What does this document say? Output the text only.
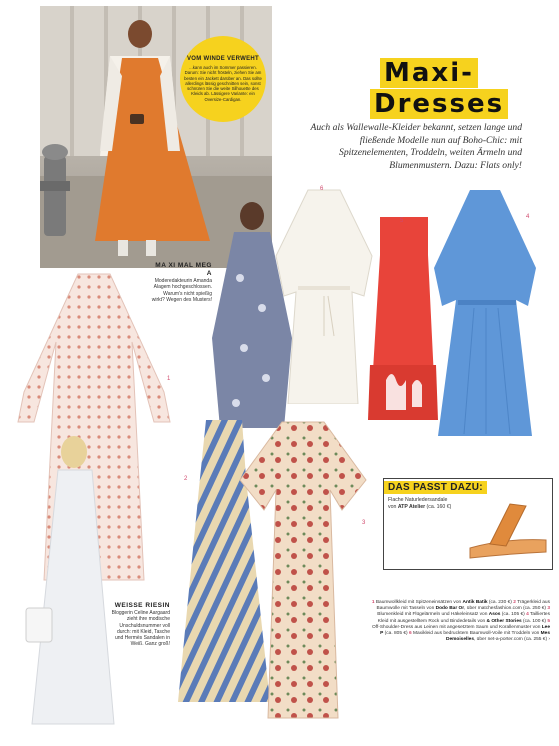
VOM WINDE VERWEHT
...kann auch im Sommer passieren. Darum: Sie nicht frösteln, ziehen Sie am besten ein Jackett darüber an. Das sollte allerdings lässig geschnitten sein, sonst schnüren Sie die weite Silhouette des Kleids ab. Lässigere Variante: ein Oversize-Cardigan.
Maxi-
Dresses
Auch als Wallewalle-Kleider bekannt, setzen lange und fließende Modelle nun auf Boho-Chic: mit Spitzenelementen, Troddeln, weiten Ärmeln und Blumenmustern. Dazu: Flats only!
6
5
4
1
MA XI MAL MEG A
Moderedakteurin Amanda Alagem hochgeschlossen. Warum's nicht spießig wirkt? Wegen des Musters!
2
3
WEISSE RIESIN
Bloggerin Celine Aargaard zieht ihre modische Unschuldsnummer voll durch: mit Kleid, Tasche und Hermès Sandalen in Weiß. Ganz groß!
DAS PASST DAZU:
Flache Naturledersandale
von ATP Atelier (ca. 160 €)
1 Baumwollkleid mit Spitzeneinsätzen von Antik Batik (ca. 230 €) 2 Trägerkleid aus Baumwolle mit Tasseln von Dodo Bar Or, über matchesfashion.com (ca. 250 €) 3 Blumenkleid mit Flügelärmeln und Häkeleinsatz von Asos (ca. 105 €) 4 Tailliertes Kleid mit ausgestelltem Rock und Bindedetails von & Other Stories (ca. 100 €) 5 Off-Shoulder-Dress aus Leinen mit angesetztem Saum und Korallenmuster von Lee P (ca. 805 €) 6 Maxikleid aus bedrucktem Baumwoll-Voile mit Troddeln von Mes Demoiselles, über net-a-porter.com (ca. 255 €) ›
